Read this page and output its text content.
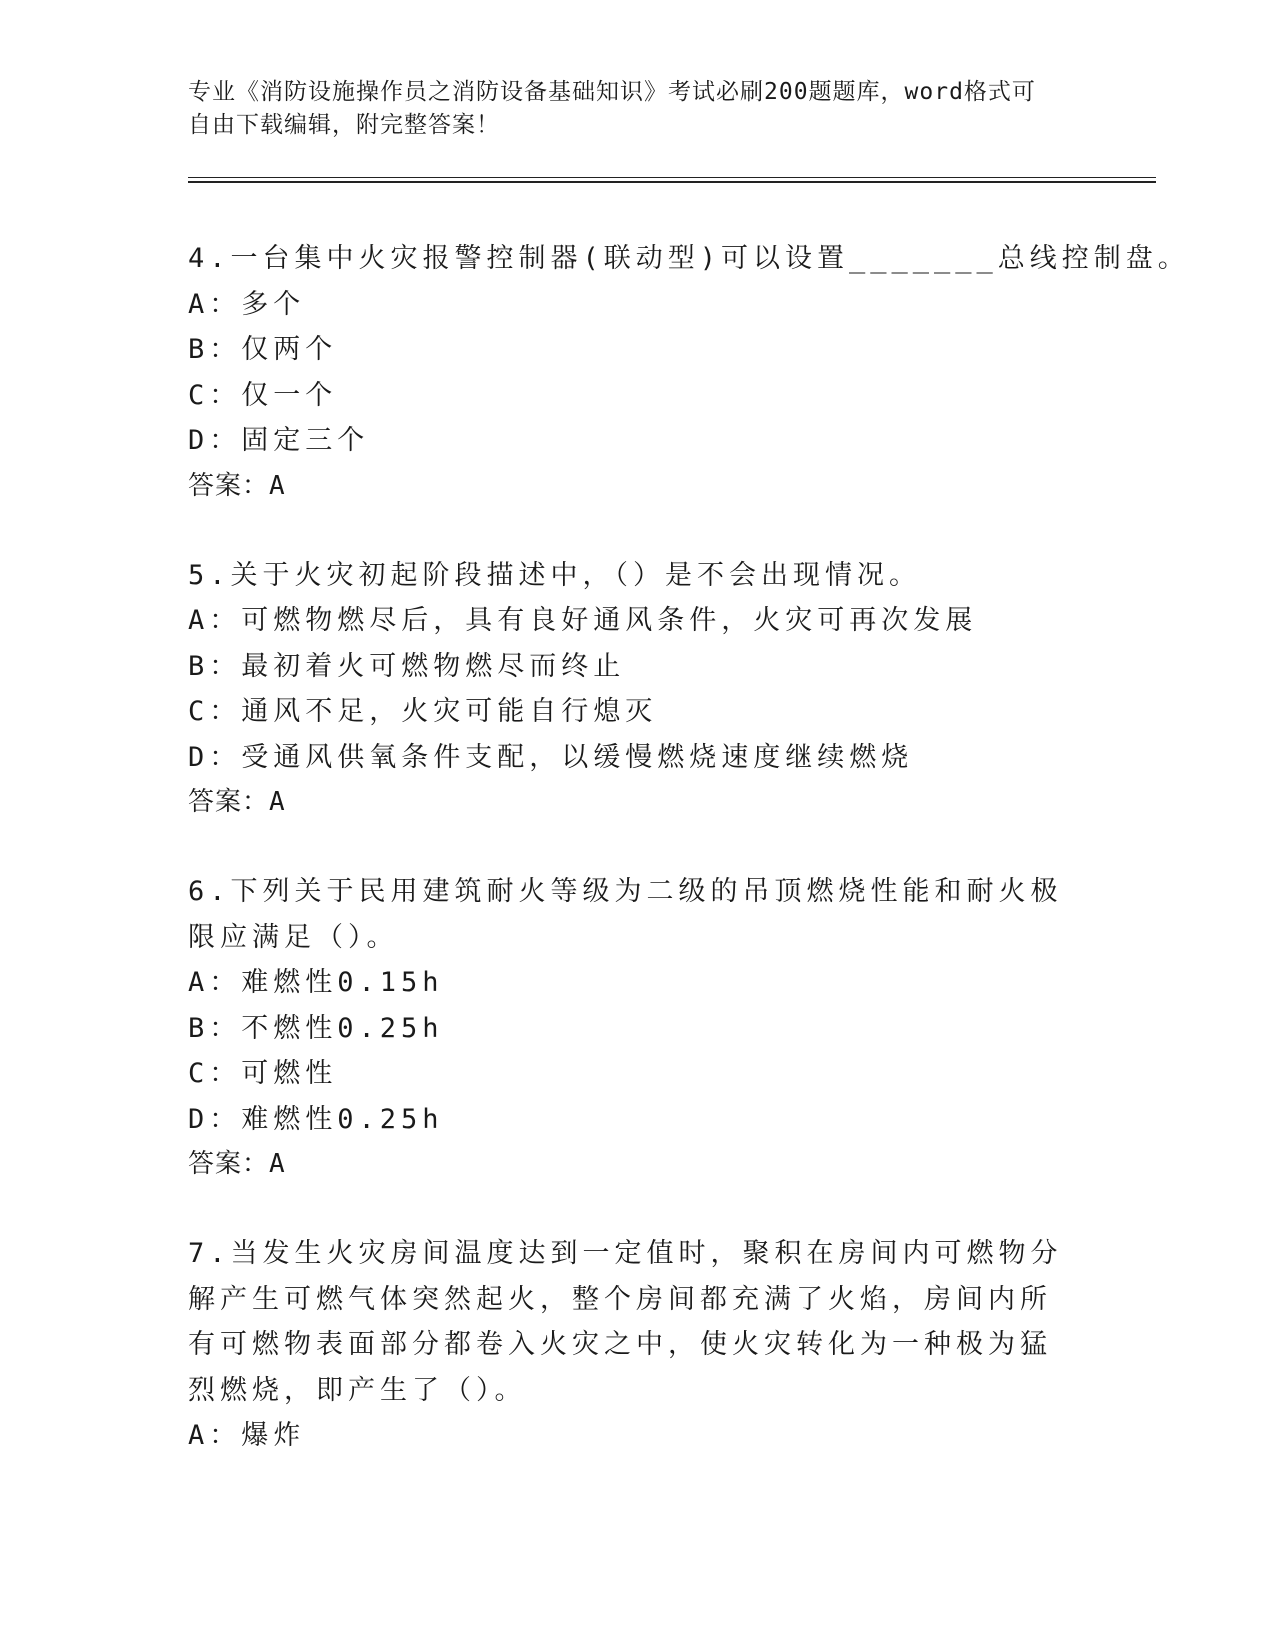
专业《消防设施操作员之消防设备基础知识》考试必刷200题题库，word格式可
自由下载编辑，附完整答案！
4.一台集中火灾报警控制器(联动型)可以设置_______总线控制盘。
A：多个
B：仅两个
C：仅一个
D：固定三个
答案：A
5.关于火灾初起阶段描述中，（）是不会出现情况。
A：可燃物燃尽后，具有良好通风条件，火灾可再次发展
B：最初着火可燃物燃尽而终止
C：通风不足，火灾可能自行熄灭
D：受通风供氧条件支配，以缓慢燃烧速度继续燃烧
答案：A
6.下列关于民用建筑耐火等级为二级的吊顶燃烧性能和耐火极限应满足（）。
A：难燃性0.15h
B：不燃性0.25h
C：可燃性
D：难燃性0.25h
答案：A
7.当发生火灾房间温度达到一定值时，聚积在房间内可燃物分解产生可燃气体突然起火，整个房间都充满了火焰，房间内所有可燃物表面部分都卷入火灾之中，使火灾转化为一种极为猛烈燃烧，即产生了（）。
A：爆炸
